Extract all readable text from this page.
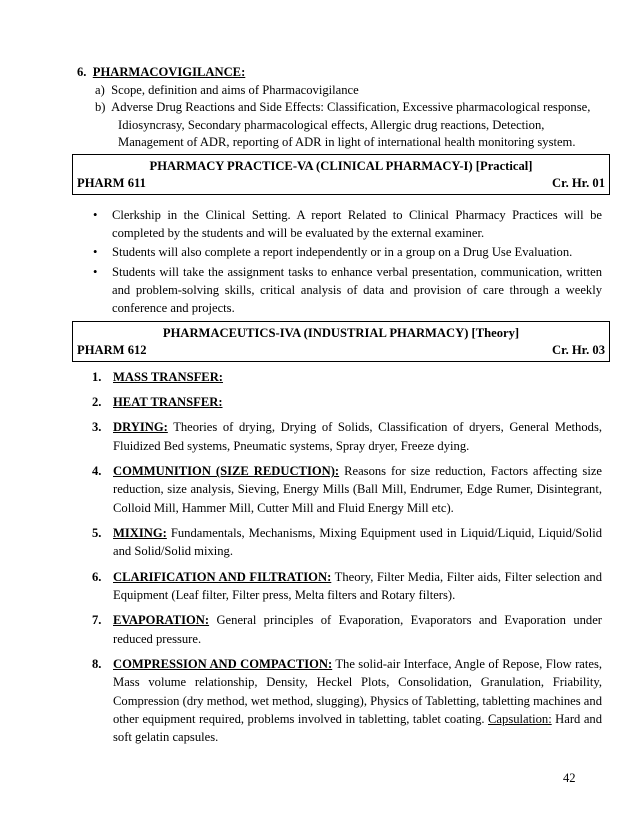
6. PHARMACOVIGILANCE:
a) Scope, definition and aims of Pharmacovigilance
b) Adverse Drug Reactions and Side Effects: Classification, Excessive pharmacological response,
Idiosyncrasy, Secondary pharmacological effects, Allergic drug reactions, Detection,
Management of ADR, reporting of ADR in light of international health monitoring system.
PHARMACY PRACTICE-VA (CLINICAL PHARMACY-I) [Practical]
PHARM 611	Cr. Hr. 01
• Clerkship in the Clinical Setting. A report Related to Clinical Pharmacy Practices will be completed by the students and will be evaluated by the external examiner.
• Students will also complete a report independently or in a group on a Drug Use Evaluation.
• Students will take the assignment tasks to enhance verbal presentation, communication, written and problem-solving skills, critical analysis of data and provision of care through a weekly conference and projects.
PHARMACEUTICS-IVA (INDUSTRIAL PHARMACY) [Theory]
PHARM 612	Cr. Hr. 03
1. MASS TRANSFER:
2. HEAT TRANSFER:
3. DRYING: Theories of drying, Drying of Solids, Classification of dryers, General Methods, Fluidized Bed systems, Pneumatic systems, Spray dryer, Freeze dying.
4. COMMUNITION (SIZE REDUCTION): Reasons for size reduction, Factors affecting size reduction, size analysis, Sieving, Energy Mills (Ball Mill, Endrumer, Edge Rumer, Disintegrant, Colloid Mill, Hammer Mill, Cutter Mill and Fluid Energy Mill etc).
5. MIXING: Fundamentals, Mechanisms, Mixing Equipment used in Liquid/Liquid, Liquid/Solid and Solid/Solid mixing.
6. CLARIFICATION AND FILTRATION: Theory, Filter Media, Filter aids, Filter selection and Equipment (Leaf filter, Filter press, Melta filters and Rotary filters).
7. EVAPORATION: General principles of Evaporation, Evaporators and Evaporation under reduced pressure.
8. COMPRESSION AND COMPACTION: The solid-air Interface, Angle of Repose, Flow rates, Mass volume relationship, Density, Heckel Plots, Consolidation, Granulation, Friability, Compression (dry method, wet method, slugging), Physics of Tabletting, tabletting machines and other equipment required, problems involved in tabletting, tablet coating. Capsulation: Hard and soft gelatin capsules.
42
